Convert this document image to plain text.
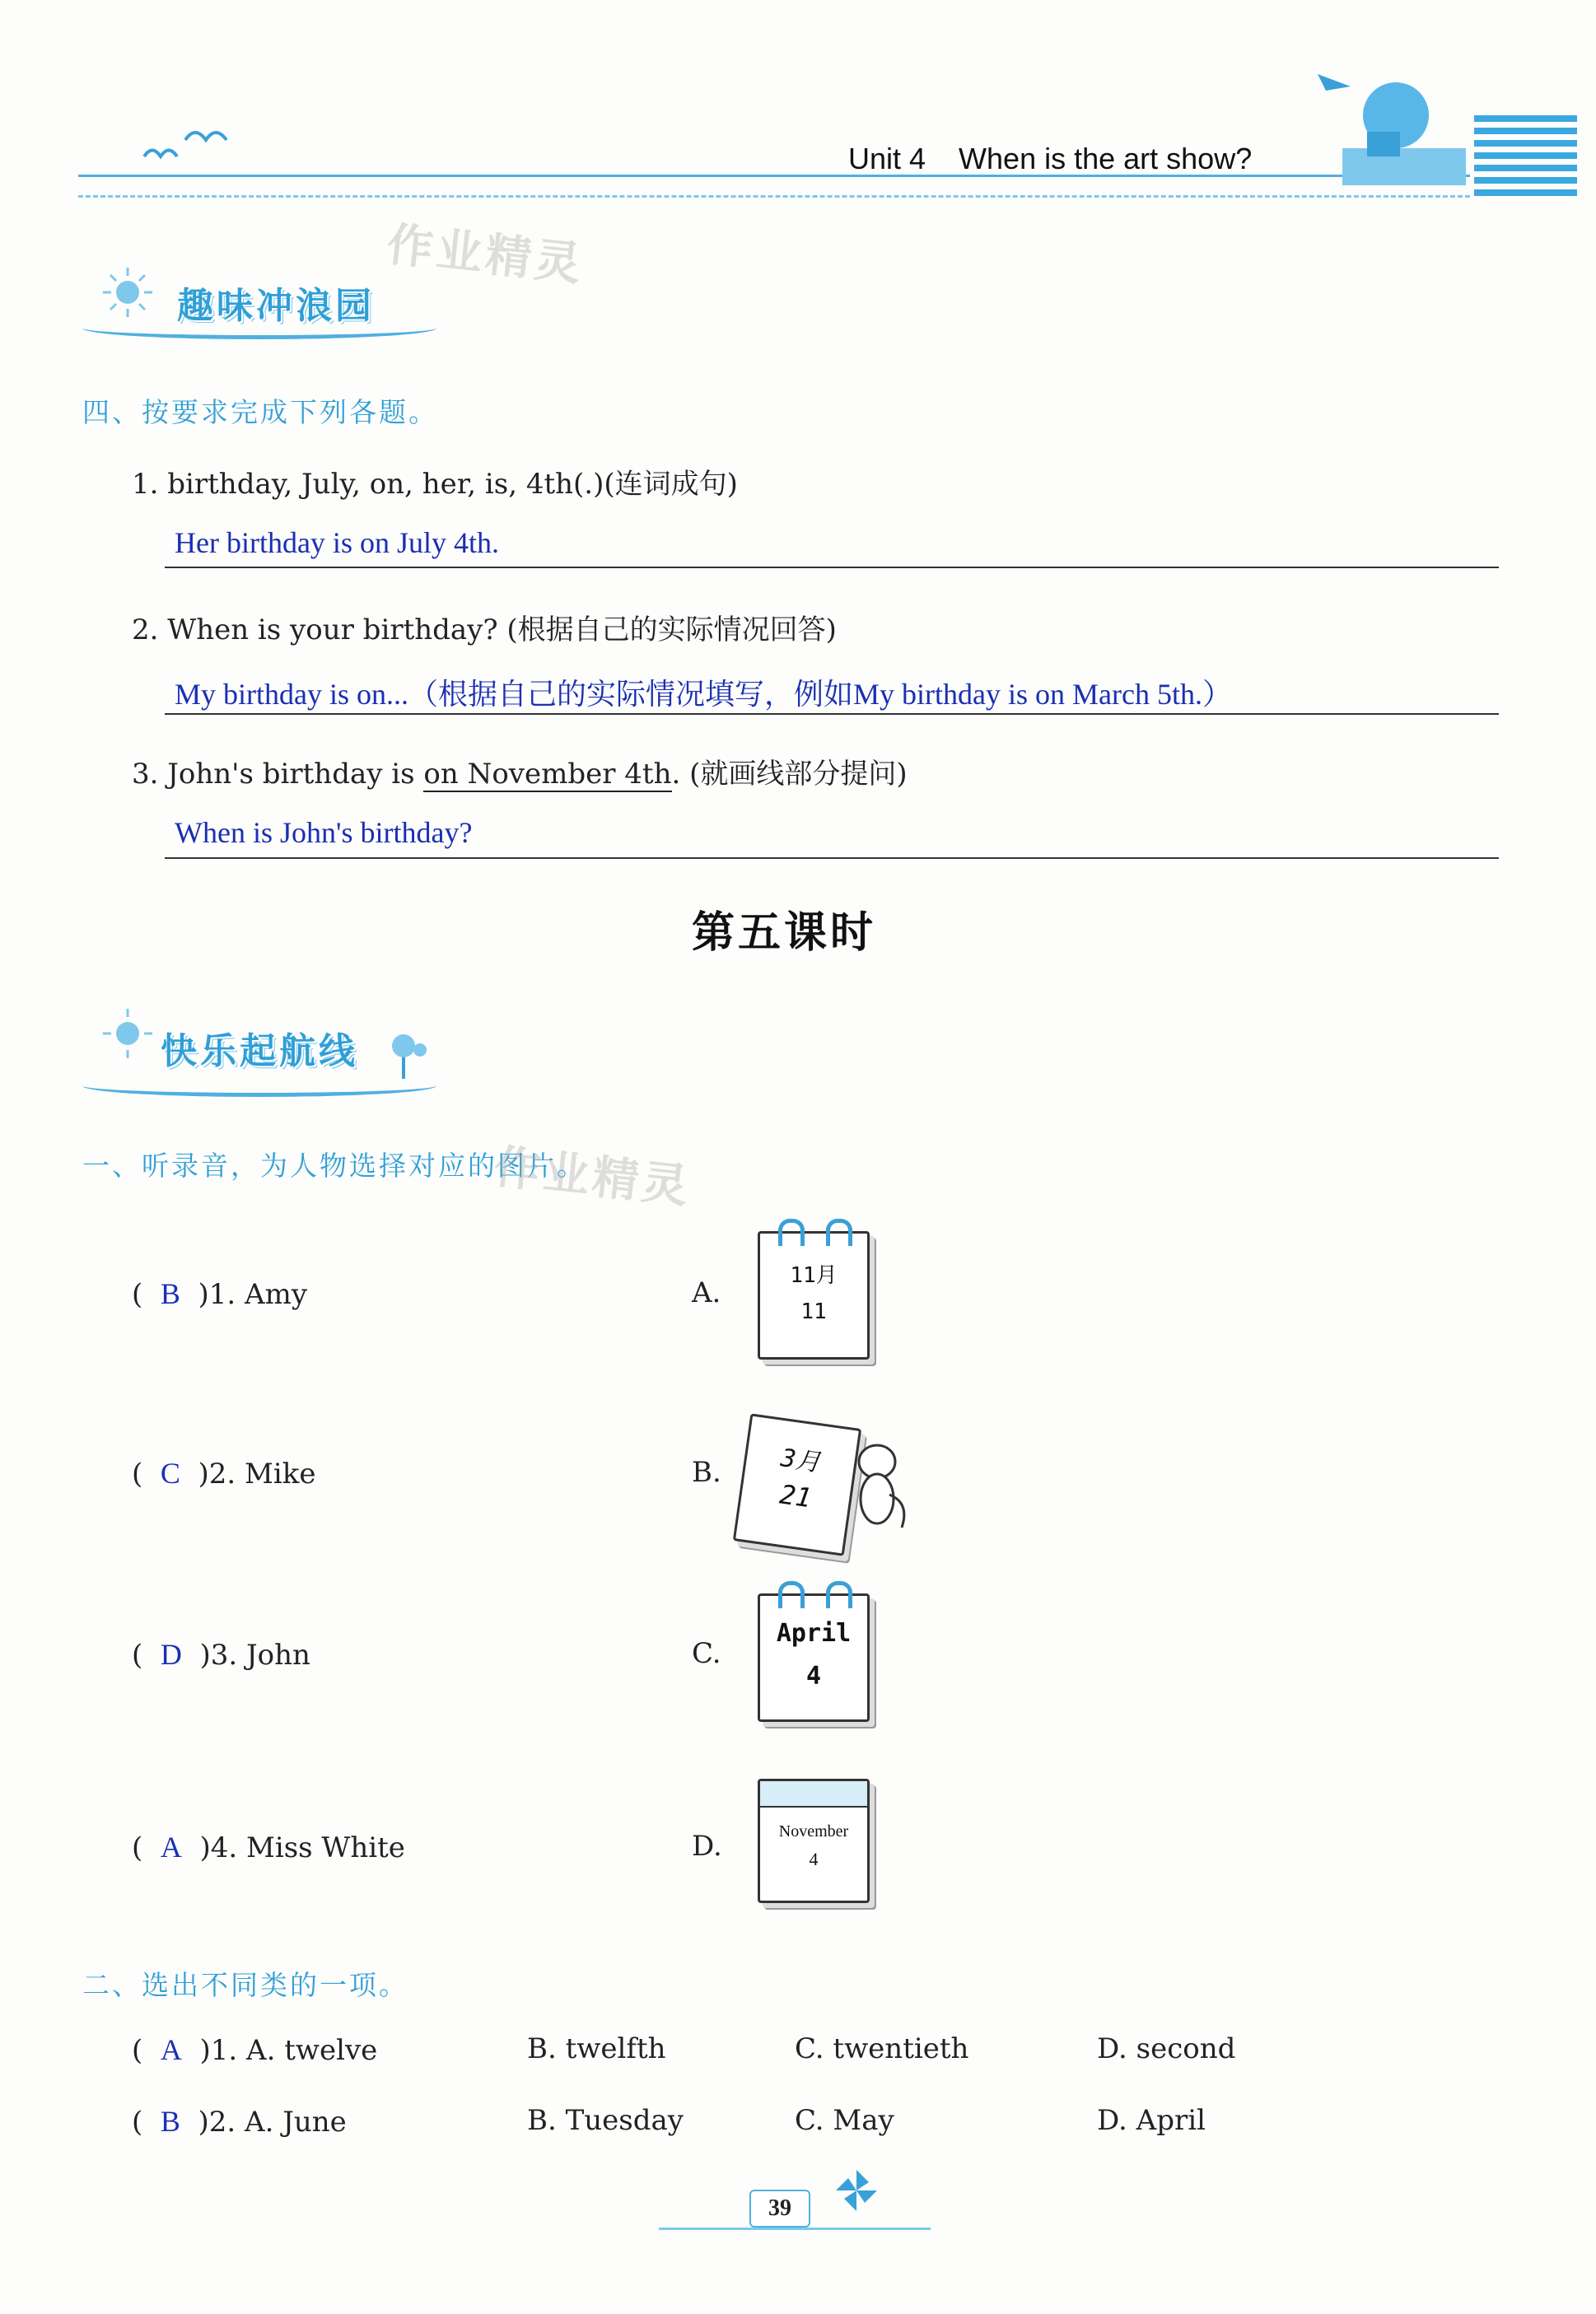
Unit 4    When is the art show?
作业精灵
趣味冲浪园
四、按要求完成下列各题。
1. birthday, July, on, her, is, 4th(.)(连词成句)
Her birthday is on July 4th.
2. When is your birthday? (根据自己的实际情况回答)
My birthday is on...（根据自己的实际情况填写，例如My birthday is on March 5th.）
3. John's birthday is on November 4th. (就画线部分提问)
When is John's birthday?
第五课时
快乐起航线
一、听录音，为人物选择对应的图片。
作业精灵
(  B  )1. Amy
(  C  )2. Mike
(  D  )3. John
(  A  )4. Miss White
A.
11月
11
B.	3月
21
C.
April
4
D.	November
4
二、选出不同类的一项。
(  A  )1. A. twelve	B. twelfth	C. twentieth	D. second
(  B  )2. A. June	B. Tuesday	C. May	D. April
39
